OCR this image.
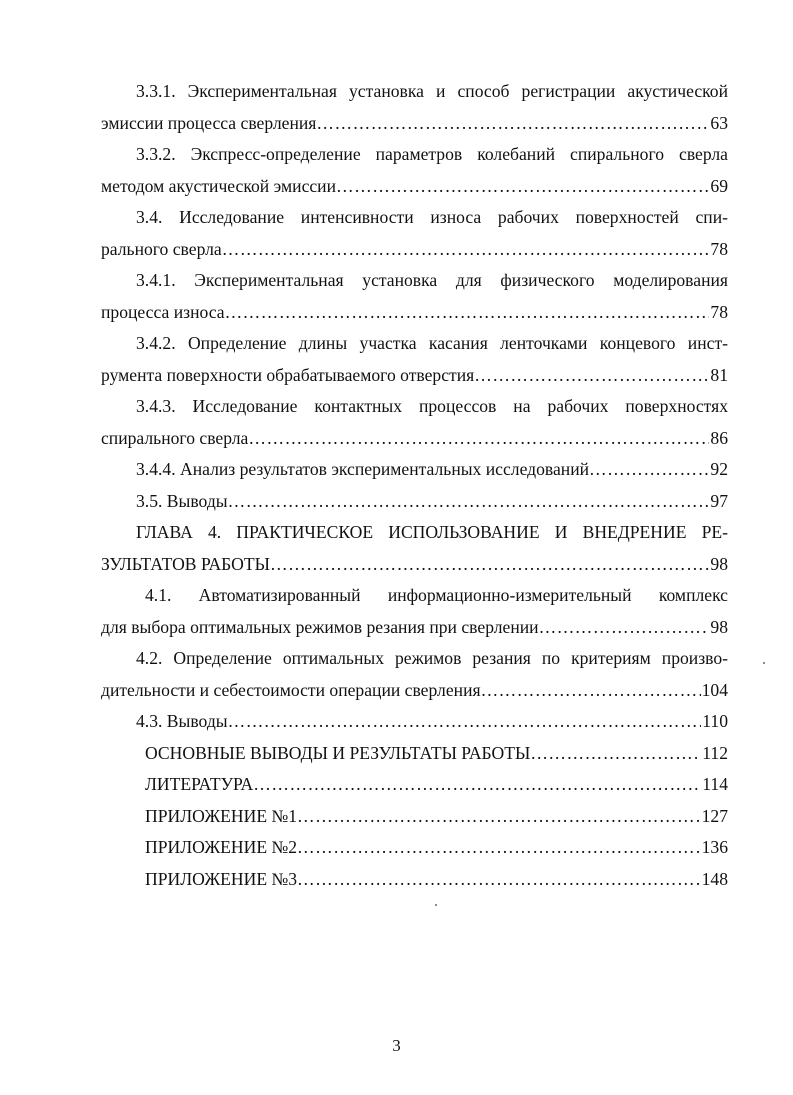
3.3.1. Экспериментальная установка и способ регистрации акустической
эмиссии процесса сверления …………………………………………………………………………………………………………………………………………………………………………	63
3.3.2. Экспресс-определение параметров колебаний спирального сверла
методом акустической эмиссии …………………………………………………………………………………………………………………………………………………………………………	69
3.4. Исследование интенсивности износа рабочих поверхностей спи-
рального сверла …………………………………………………………………………………………………………………………………………………………………………	78
3.4.1. Экспериментальная установка для физического моделирования
процесса износа …………………………………………………………………………………………………………………………………………………………………………	78
3.4.2. Определение длины участка касания ленточками концевого инст-
румента поверхности обрабатываемого отверстия …………………………………………………………………………………………………………………………………………………………………………	81
3.4.3. Исследование контактных процессов на рабочих поверхностях
спирального сверла …………………………………………………………………………………………………………………………………………………………………………	86
3.4.4. Анализ результатов экспериментальных исследований …………………………………………………………………………………………………………………………………………………………………………	92
3.5. Выводы …………………………………………………………………………………………………………………………………………………………………………	97
ГЛАВА 4. ПРАКТИЧЕСКОЕ ИСПОЛЬЗОВАНИЕ И ВНЕДРЕНИЕ РЕ-
ЗУЛЬТАТОВ РАБОТЫ …………………………………………………………………………………………………………………………………………………………………………	98
4.1. Автоматизированный информационно-измерительный комплекс
для выбора оптимальных режимов резания при сверлении …………………………………………………………………………………………………………………………………………………………………………	98
4.2. Определение оптимальных режимов резания по критериям произво-
дительности и себестоимости операции сверления …………………………………………………………………………………………………………………………………………………………………………	104
4.3. Выводы …………………………………………………………………………………………………………………………………………………………………………	110
ОСНОВНЫЕ ВЫВОДЫ И РЕЗУЛЬТАТЫ РАБОТЫ …………………………………………………………………………………………………………………………………………………………………………	112
ЛИТЕРАТУРА …………………………………………………………………………………………………………………………………………………………………………	114
ПРИЛОЖЕНИЕ №1 …………………………………………………………………………………………………………………………………………………………………………	127
ПРИЛОЖЕНИЕ №2 …………………………………………………………………………………………………………………………………………………………………………	136
ПРИЛОЖЕНИЕ №3 …………………………………………………………………………………………………………………………………………………………………………	148
3
